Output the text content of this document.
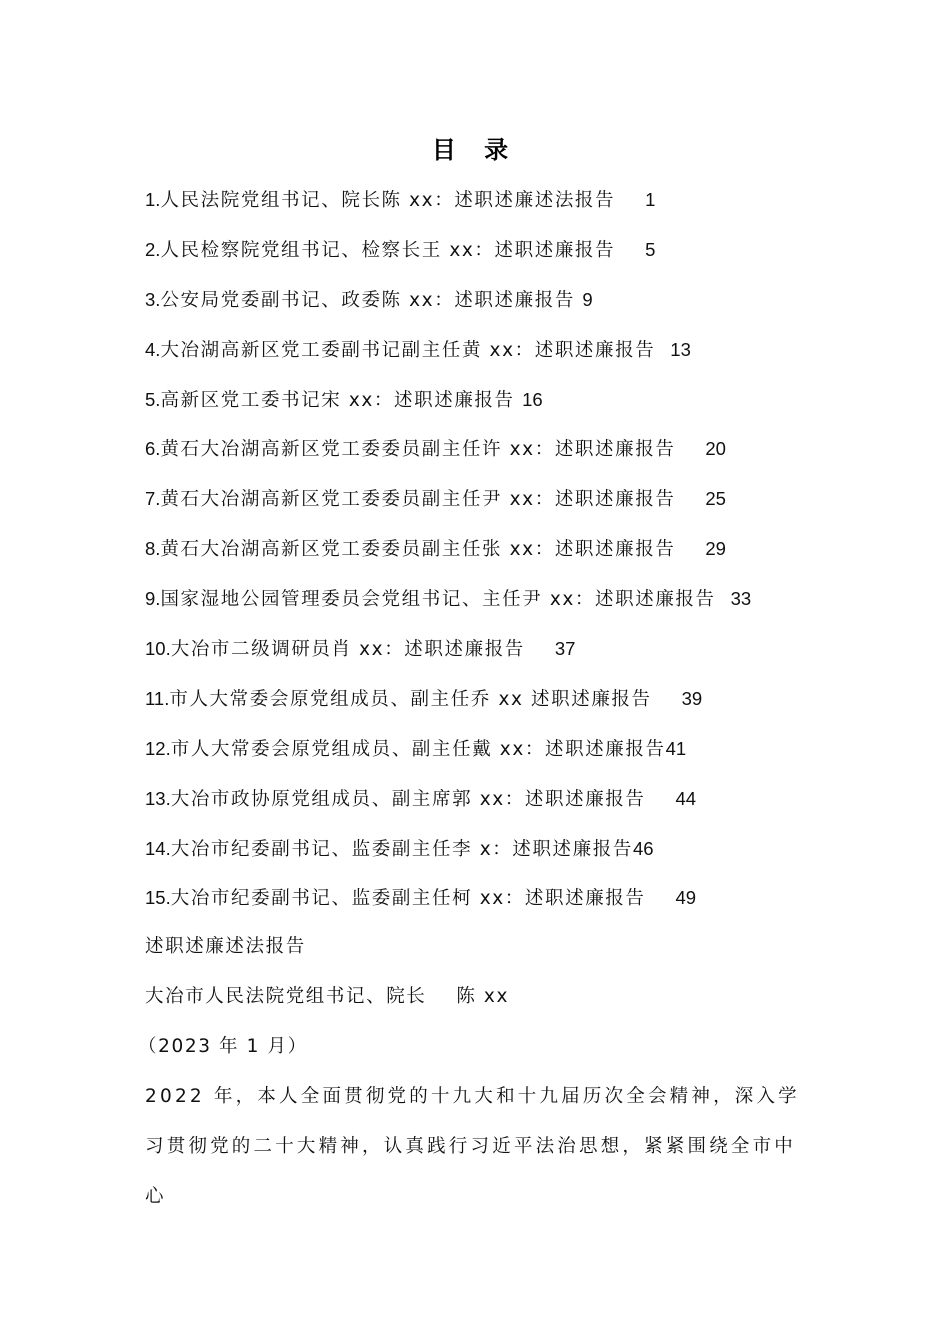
目 录
1.人民法院党组书记、院长陈 xx：述职述廉述法报告 1
2.人民检察院党组书记、检察长王 xx：述职述廉报告 5
3.公安局党委副书记、政委陈 xx：述职述廉报告 9
4.大冶湖高新区党工委副书记副主任黄 xx：述职述廉报告 13
5.高新区党工委书记宋 xx：述职述廉报告 16
6.黄石大冶湖高新区党工委委员副主任许 xx：述职述廉报告 20
7.黄石大冶湖高新区党工委委员副主任尹 xx：述职述廉报告 25
8.黄石大冶湖高新区党工委委员副主任张 xx：述职述廉报告 29
9.国家湿地公园管理委员会党组书记、主任尹 xx：述职述廉报告 33
10.大冶市二级调研员肖 xx：述职述廉报告 37
11.市人大常委会原党组成员、副主任乔 xx 述职述廉报告 39
12.市人大常委会原党组成员、副主任戴 xx：述职述廉报告41
13.大冶市政协原党组成员、副主席郭 xx：述职述廉报告 44
14.大冶市纪委副书记、监委副主任李 x：述职述廉报告46
15.大冶市纪委副书记、监委副主任柯 xx：述职述廉报告 49
述职述廉述法报告
大冶市人民法院党组书记、院长    陈 xx
（2023 年 1 月）
2022 年，本人全面贯彻党的十九大和十九届历次全会精神，深入学习贯彻党的二十大精神，认真践行习近平法治思想，紧紧围绕全市中心
